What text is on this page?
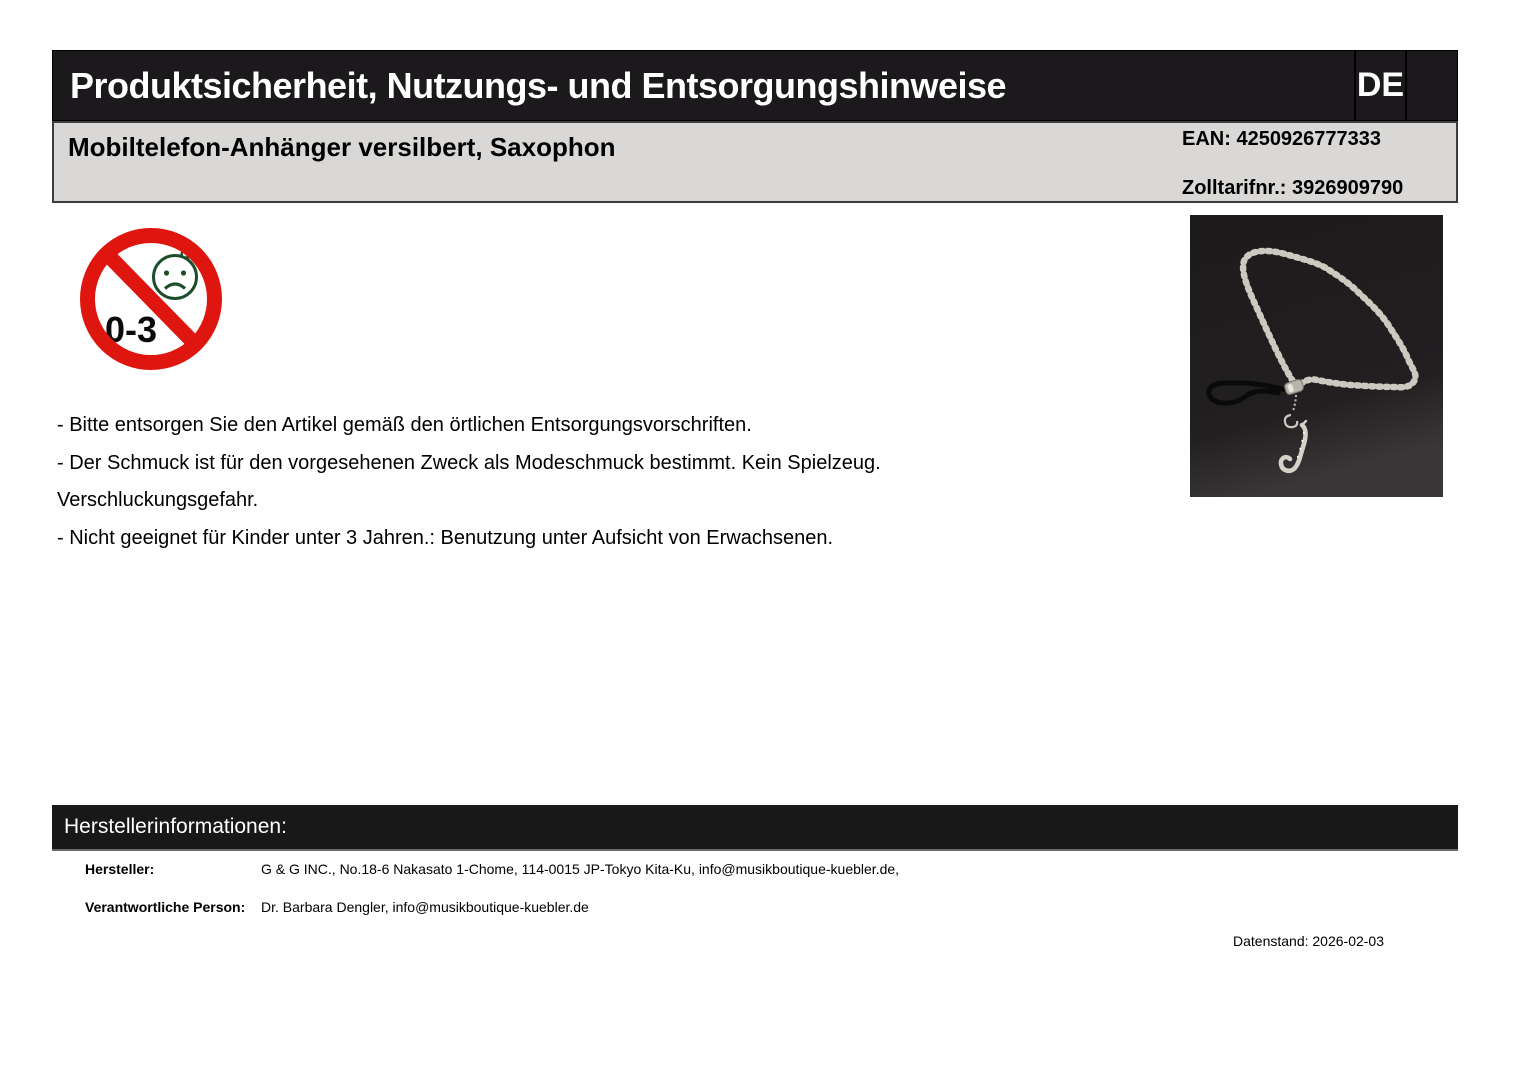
Produktsicherheit, Nutzungs- und Entsorgungshinweise	DE
Mobiltelefon-Anhänger versilbert, Saxophon	EAN: 4250926777333
Zolltarifnr.: 3926909790
0-3
- Bitte entsorgen Sie den Artikel gemäß den örtlichen Entsorgungsvorschriften.
- Der Schmuck ist für den vorgesehenen Zweck als Modeschmuck bestimmt. Kein Spielzeug.
Verschluckungsgefahr.
- Nicht geeignet für Kinder unter 3 Jahren.: Benutzung unter Aufsicht von Erwachsenen.
Herstellerinformationen:
Hersteller:	G & G INC., No.18-6 Nakasato 1-Chome, 114-0015 JP-Tokyo Kita-Ku, info@musikboutique-kuebler.de,
Verantwortliche Person:	Dr. Barbara Dengler, info@musikboutique-kuebler.de
Datenstand: 2026-02-03
